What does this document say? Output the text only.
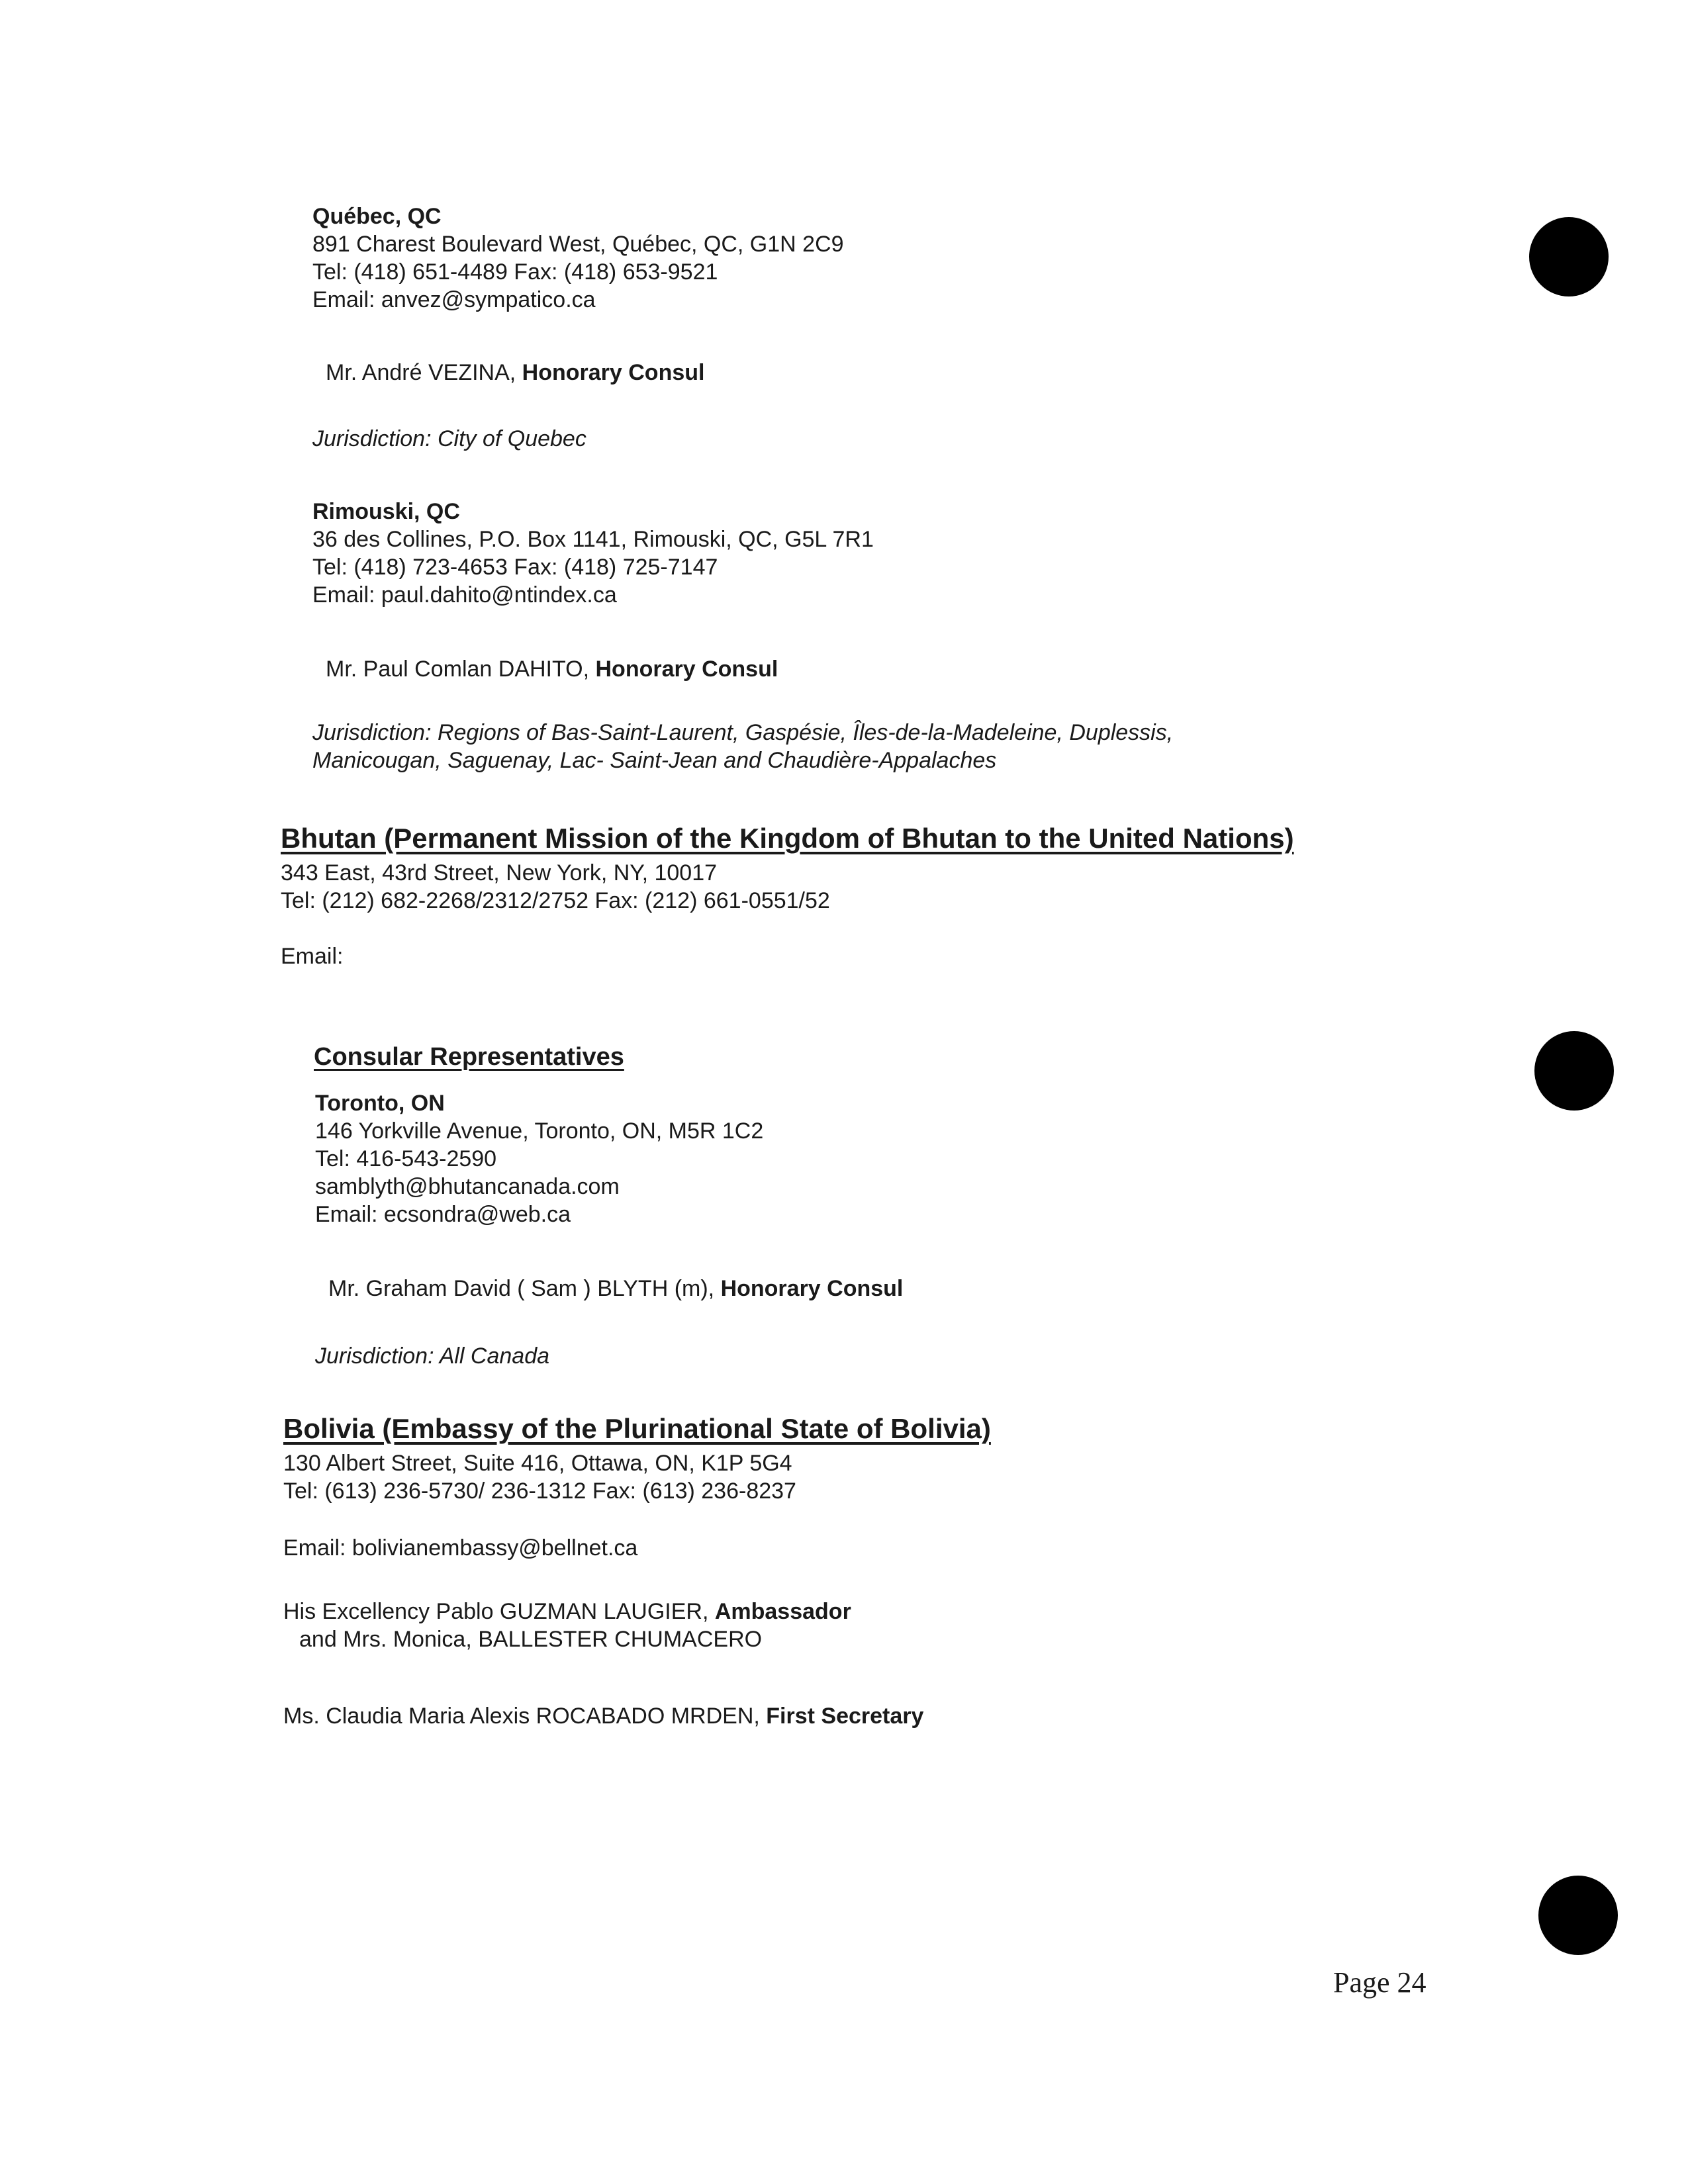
Québec, QC
891 Charest Boulevard West, Québec, QC, G1N 2C9
Tel: (418) 651-4489 Fax: (418) 653-9521
Email: anvez@sympatico.ca
Mr. André VEZINA, Honorary Consul
Jurisdiction: City of Quebec
Rimouski, QC
36 des Collines, P.O. Box 1141, Rimouski, QC, G5L 7R1
Tel: (418) 723-4653 Fax: (418) 725-7147
Email: paul.dahito@ntindex.ca
Mr. Paul Comlan DAHITO, Honorary Consul
Jurisdiction: Regions of Bas-Saint-Laurent, Gaspésie, Îles-de-la-Madeleine, Duplessis,
Manicougan, Saguenay, Lac- Saint-Jean and Chaudière-Appalaches
Bhutan (Permanent Mission of the Kingdom of Bhutan to the United Nations)
343 East, 43rd Street, New York, NY, 10017
Tel: (212) 682-2268/2312/2752 Fax: (212) 661-0551/52
Email:
Consular Representatives
Toronto, ON
146 Yorkville Avenue, Toronto, ON, M5R 1C2
Tel: 416-543-2590
samblyth@bhutancanada.com
Email: ecsondra@web.ca
Mr. Graham David ( Sam ) BLYTH (m), Honorary Consul
Jurisdiction: All Canada
Bolivia (Embassy of the Plurinational State of Bolivia)
130 Albert Street, Suite 416, Ottawa, ON, K1P 5G4
Tel: (613) 236-5730/ 236-1312 Fax: (613) 236-8237
Email: bolivianembassy@bellnet.ca
His Excellency Pablo GUZMAN LAUGIER, Ambassador
and Mrs. Monica, BALLESTER CHUMACERO
Ms. Claudia Maria Alexis ROCABADO MRDEN, First Secretary
Page 24
